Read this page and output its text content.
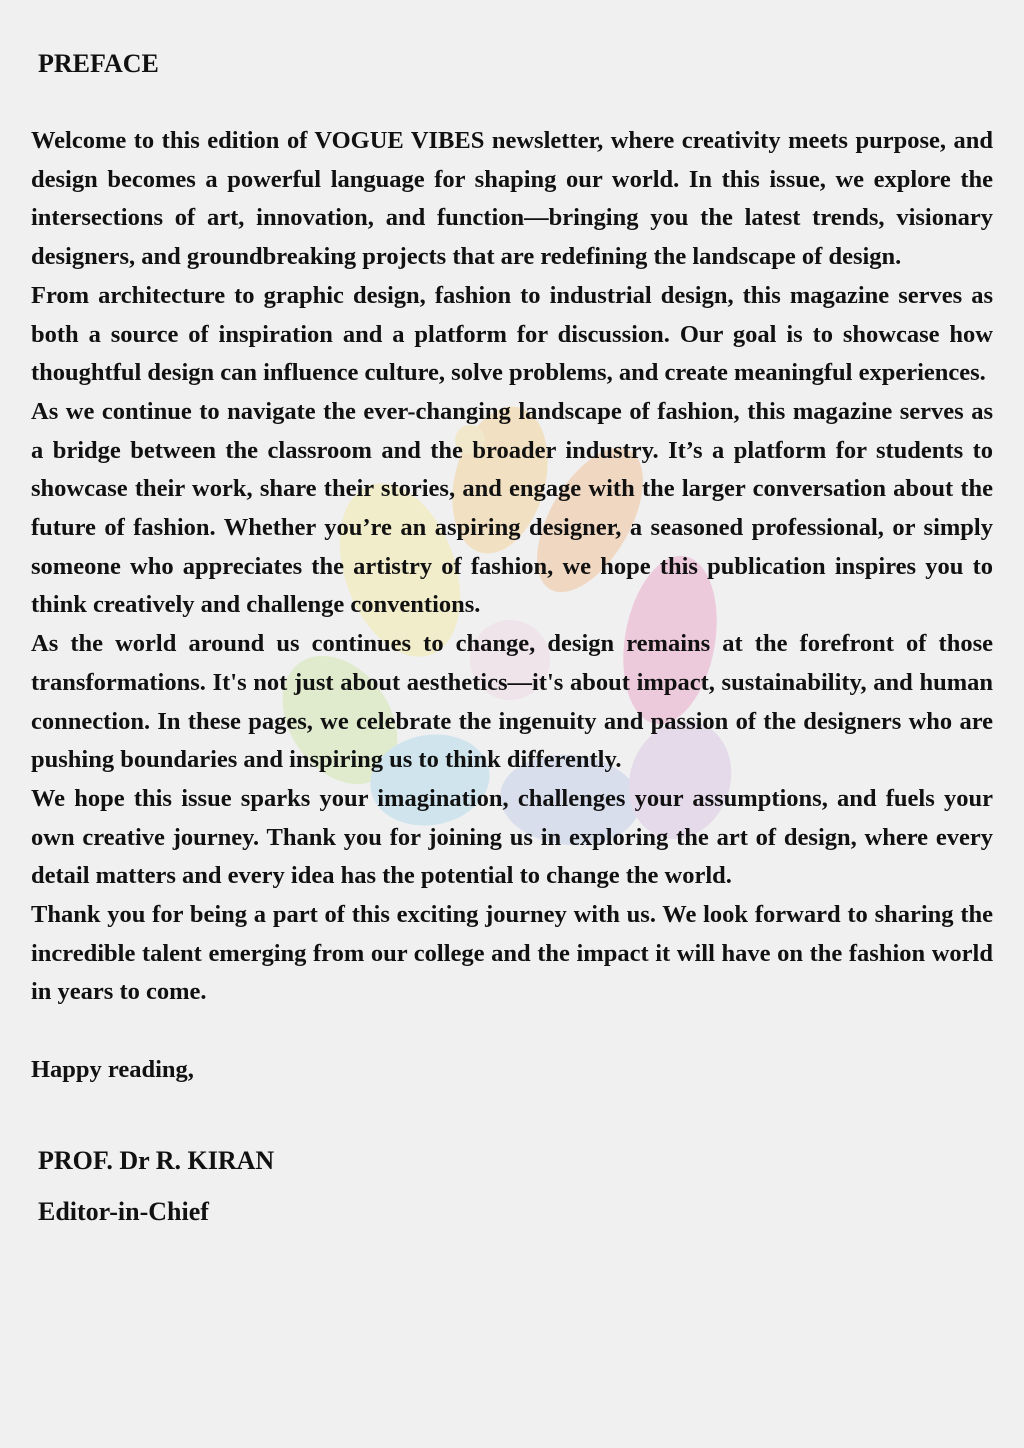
PREFACE

Welcome to this edition of VOGUE VIBES newsletter, where creativity meets purpose, and design becomes a powerful language for shaping our world. In this issue, we explore the intersections of art, innovation, and function—bringing you the latest trends, visionary designers, and groundbreaking projects that are redefining the landscape of design.

From architecture to graphic design, fashion to industrial design, this magazine serves as both a source of inspiration and a platform for discussion. Our goal is to showcase how thoughtful design can influence culture, solve problems, and create meaningful experiences.

As we continue to navigate the ever-changing landscape of fashion, this magazine serves as a bridge between the classroom and the broader industry. It’s a platform for students to showcase their work, share their stories, and engage with the larger conversation about the future of fashion. Whether you’re an aspiring designer, a seasoned professional, or simply someone who appreciates the artistry of fashion, we hope this publication inspires you to think creatively and challenge conventions.

As the world around us continues to change, design remains at the forefront of those transformations. It's not just about aesthetics—it's about impact, sustainability, and human connection. In these pages, we celebrate the ingenuity and passion of the designers who are pushing boundaries and inspiring us to think differently.

We hope this issue sparks your imagination, challenges your assumptions, and fuels your own creative journey. Thank you for joining us in exploring the art of design, where every detail matters and every idea has the potential to change the world.

Thank you for being a part of this exciting journey with us. We look forward to sharing the incredible talent emerging from our college and the impact it will have on the fashion world in years to come.

Happy reading,
PROF. Dr R. KIRAN
Editor-in-Chief
